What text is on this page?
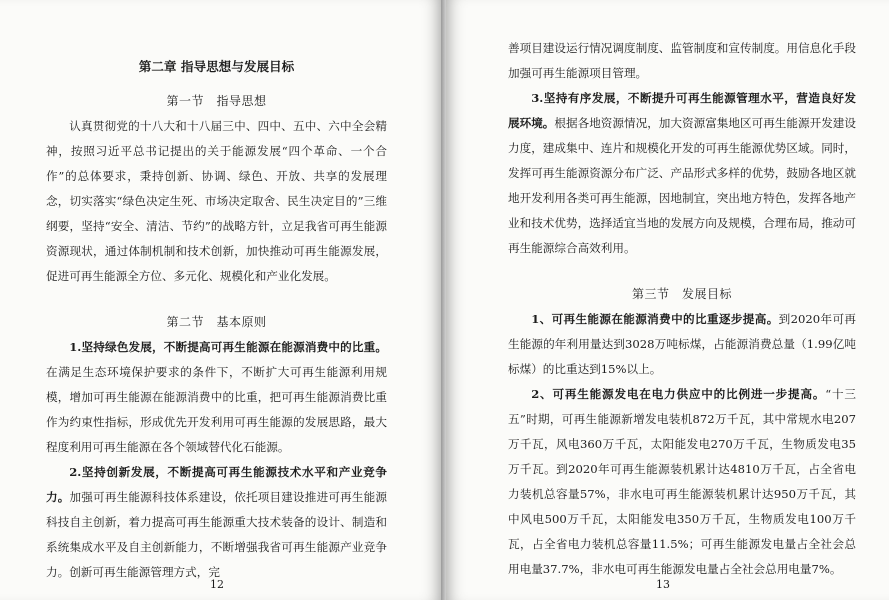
第二章 指导思想与发展目标

第一节　指导思想

认真贯彻党的十八大和十八届三中、四中、五中、六中全会精神，按照习近平总书记提出的关于能源发展“四个革命、一个合作”的总体要求，秉持创新、协调、绿色、开放、共享的发展理念，切实落实“绿色决定生死、市场决定取舍、民生决定目的”三维纲要，坚持“安全、清洁、节约”的战略方针，立足我省可再生能源资源现状，通过体制机制和技术创新，加快推动可再生能源发展，促进可再生能源全方位、多元化、规模化和产业化发展。

第二节　基本原则

1.坚持绿色发展，不断提高可再生能源在能源消费中的比重。在满足生态环境保护要求的条件下，不断扩大可再生能源利用规模，增加可再生能源在能源消费中的比重，把可再生能源消费比重作为约束性指标，形成优先开发利用可再生能源的发展思路，最大程度利用可再生能源在各个领域替代化石能源。

2.坚持创新发展，不断提高可再生能源技术水平和产业竞争力。加强可再生能源科技体系建设，依托项目建设推进可再生能源科技自主创新，着力提高可再生能源重大技术装备的设计、制造和系统集成水平及自主创新能力，不断增强我省可再生能源产业竞争力。创新可再生能源管理方式，完

12

善项目建设运行情况调度制度、监管制度和宣传制度。用信息化手段加强可再生能源项目管理。

3.坚持有序发展，不断提升可再生能源管理水平，营造良好发展环境。根据各地资源情况，加大资源富集地区可再生能源开发建设力度，建成集中、连片和规模化开发的可再生能源优势区域。同时，发挥可再生能源资源分布广泛、产品形式多样的优势，鼓励各地区就地开发利用各类可再生能源，因地制宜，突出地方特色，发挥各地产业和技术优势，选择适宜当地的发展方向及规模，合理布局，推动可再生能源综合高效利用。

第三节　发展目标

1、可再生能源在能源消费中的比重逐步提高。到2020年可再生能源的年利用量达到3028万吨标煤，占能源消费总量（1.99亿吨标煤）的比重达到15%以上。

2、可再生能源发电在电力供应中的比例进一步提高。“十三五”时期，可再生能源新增发电装机872万千瓦，其中常规水电207万千瓦，风电360万千瓦，太阳能发电270万千瓦，生物质发电35万千瓦。到2020年可再生能源装机累计达4810万千瓦，占全省电力装机总容量57%，非水电可再生能源装机累计达950万千瓦，其中风电500万千瓦，太阳能发电350万千瓦，生物质发电100万千瓦，占全省电力装机总容量11.5%；可再生能源发电量占全社会总用电量37.7%，非水电可再生能源发电量占全社会总用电量7%。

13
